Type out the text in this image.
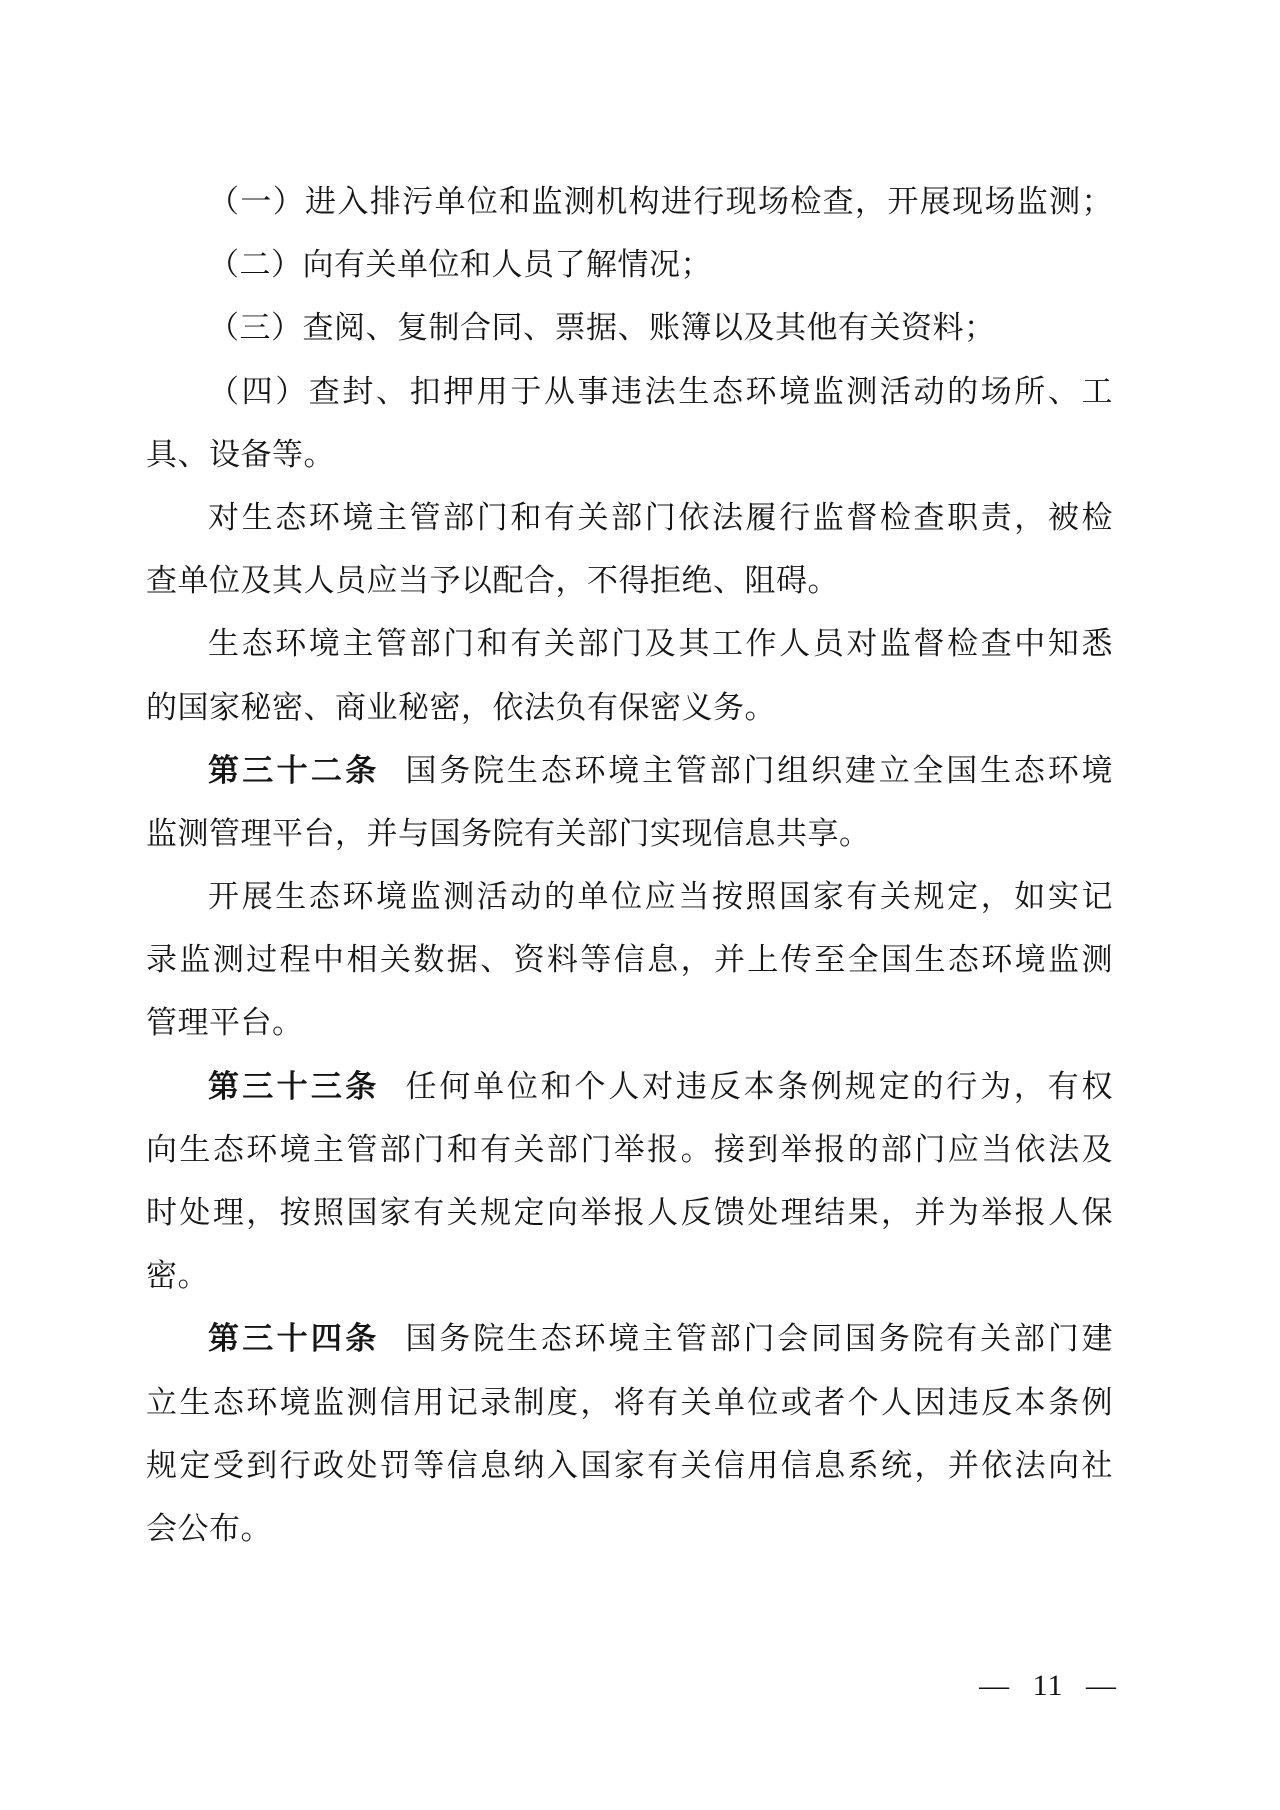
（一）进入排污单位和监测机构进行现场检查，开展现场监测；
（二）向有关单位和人员了解情况；
（三）查阅、复制合同、票据、账簿以及其他有关资料；
（四）查封、扣押用于从事违法生态环境监测活动的场所、工
具、设备等。
对生态环境主管部门和有关部门依法履行监督检查职责，被检
查单位及其人员应当予以配合，不得拒绝、阻碍。
生态环境主管部门和有关部门及其工作人员对监督检查中知悉
的国家秘密、商业秘密，依法负有保密义务。
第三十二条 国务院生态环境主管部门组织建立全国生态环境
监测管理平台，并与国务院有关部门实现信息共享。
开展生态环境监测活动的单位应当按照国家有关规定，如实记
录监测过程中相关数据、资料等信息，并上传至全国生态环境监测
管理平台。
第三十三条 任何单位和个人对违反本条例规定的行为，有权
向生态环境主管部门和有关部门举报。接到举报的部门应当依法及
时处理，按照国家有关规定向举报人反馈处理结果，并为举报人保
密。
第三十四条 国务院生态环境主管部门会同国务院有关部门建
立生态环境监测信用记录制度，将有关单位或者个人因违反本条例
规定受到行政处罚等信息纳入国家有关信用信息系统，并依法向社
会公布。
— 11 —
